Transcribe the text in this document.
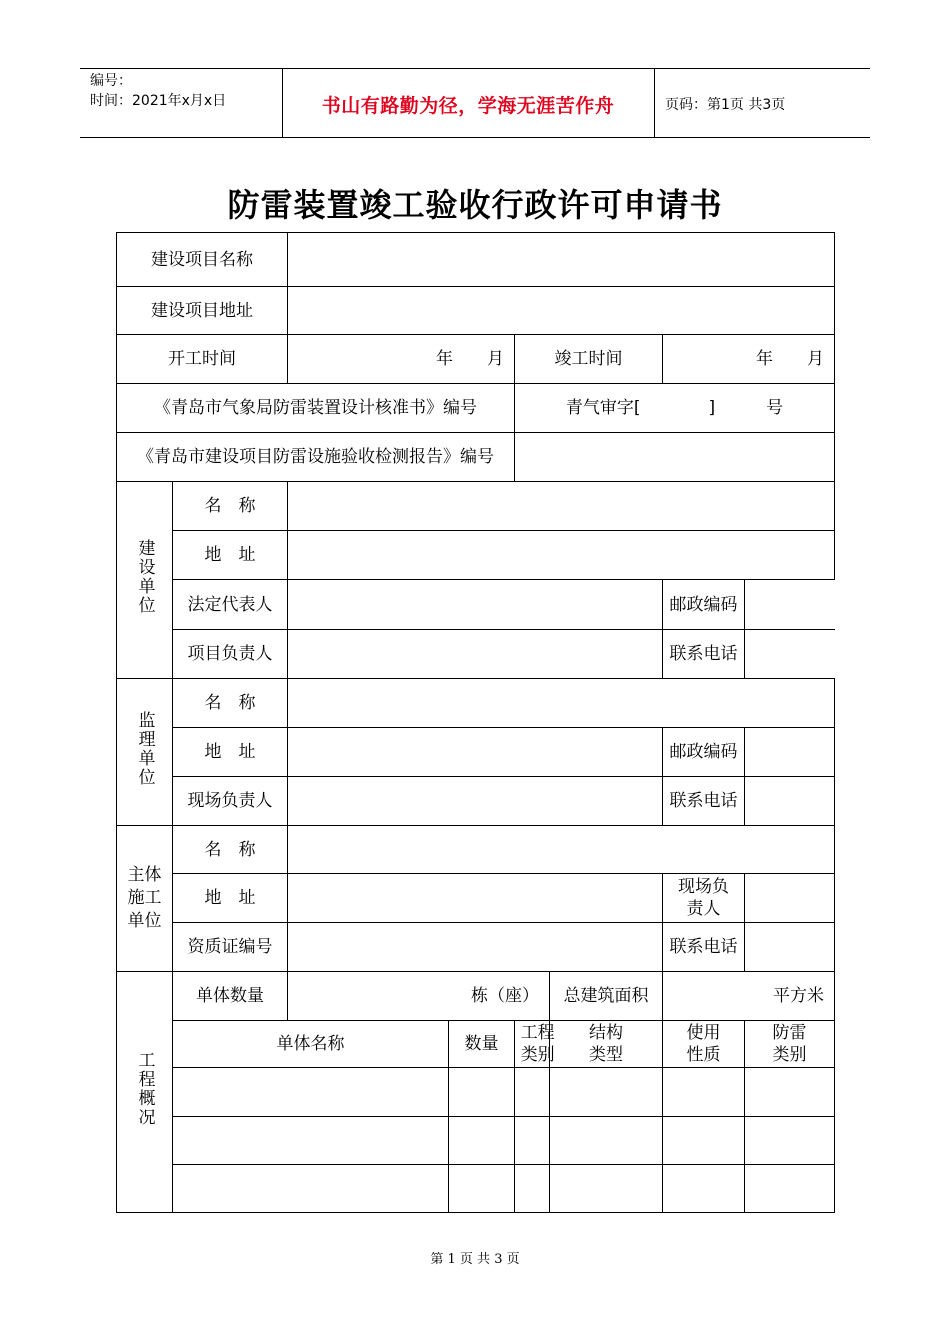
编号：
时间：2021年x月x日	书山有路勤为径，学海无涯苦作舟	页码：第1页 共3页
防雷装置竣工验收行政许可申请书
建设项目名称							
建设项目地址							
开工时间		年　　月		竣工时间		年　　月	
《青岛市气象局防雷装置设计核准书》编号				青气审字[　　　　]　　　号			
《青岛市建设项目防雷设施验收检测报告》编号							
建设单位	名　称						
	地　址						
	法定代表人					邮政编码	
	项目负责人					联系电话	
监理单位	名　称						
	地　址					邮政编码	
	现场负责人					联系电话	

主体施工单位	名　称						
	地　址					现场负责人	

	资质证编号					联系电话	
工程概况	单体数量	栋（座）			总建筑面积	平方米	
	单体名称		数量	工程类别	结构类型	使用性质	防雷类别

第 1 页 共 3 页
